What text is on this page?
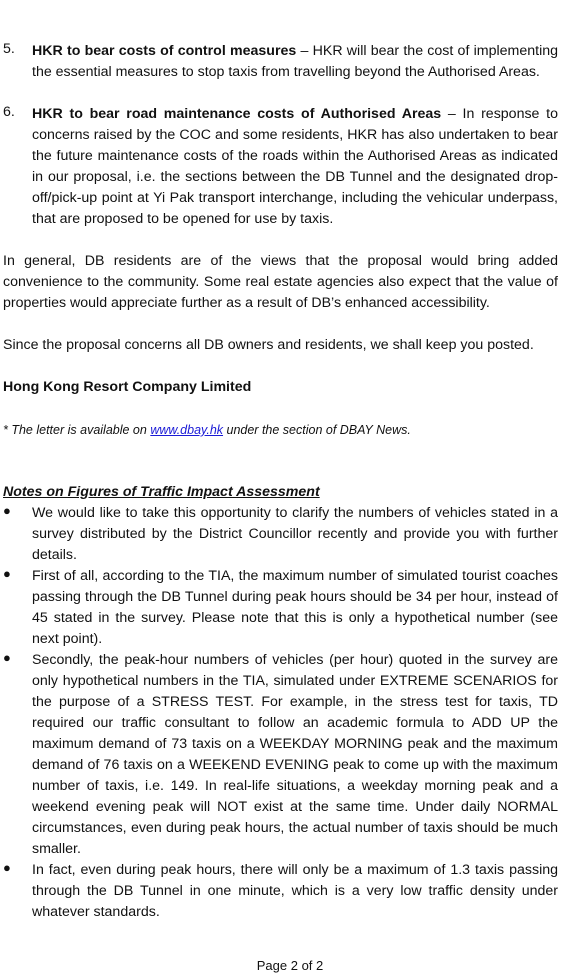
5.	HKR to bear costs of control measures – HKR will bear the cost of implementing the essential measures to stop taxis from travelling beyond the Authorised Areas.

6.	HKR to bear road maintenance costs of Authorised Areas – In response to concerns raised by the COC and some residents, HKR has also undertaken to bear the future maintenance costs of the roads within the Authorised Areas as indicated in our proposal, i.e. the sections between the DB Tunnel and the designated drop-off/pick-up point at Yi Pak transport interchange, including the vehicular underpass, that are proposed to be opened for use by taxis.

In general, DB residents are of the views that the proposal would bring added convenience to the community. Some real estate agencies also expect that the value of properties would appreciate further as a result of DB’s enhanced accessibility.

Since the proposal concerns all DB owners and residents, we shall keep you posted.

Hong Kong Resort Company Limited

* The letter is available on www.dbay.hk under the section of DBAY News.

Notes on Figures of Traffic Impact Assessment

●	We would like to take this opportunity to clarify the numbers of vehicles stated in a survey distributed by the District Councillor recently and provide you with further details.

●	First of all, according to the TIA, the maximum number of simulated tourist coaches passing through the DB Tunnel during peak hours should be 34 per hour, instead of 45 stated in the survey. Please note that this is only a hypothetical number (see next point).

●	Secondly, the peak-hour numbers of vehicles (per hour) quoted in the survey are only hypothetical numbers in the TIA, simulated under EXTREME SCENARIOS for the purpose of a STRESS TEST. For example, in the stress test for taxis, TD required our traffic consultant to follow an academic formula to ADD UP the maximum demand of 73 taxis on a WEEKDAY MORNING peak and the maximum demand of 76 taxis on a WEEKEND EVENING peak to come up with the maximum number of taxis, i.e. 149. In real-life situations, a weekday morning peak and a weekend evening peak will NOT exist at the same time. Under daily NORMAL circumstances, even during peak hours, the actual number of taxis should be much smaller.

●	In fact, even during peak hours, there will only be a maximum of 1.3 taxis passing through the DB Tunnel in one minute, which is a very low traffic density under whatever standards.

Page 2 of 2
